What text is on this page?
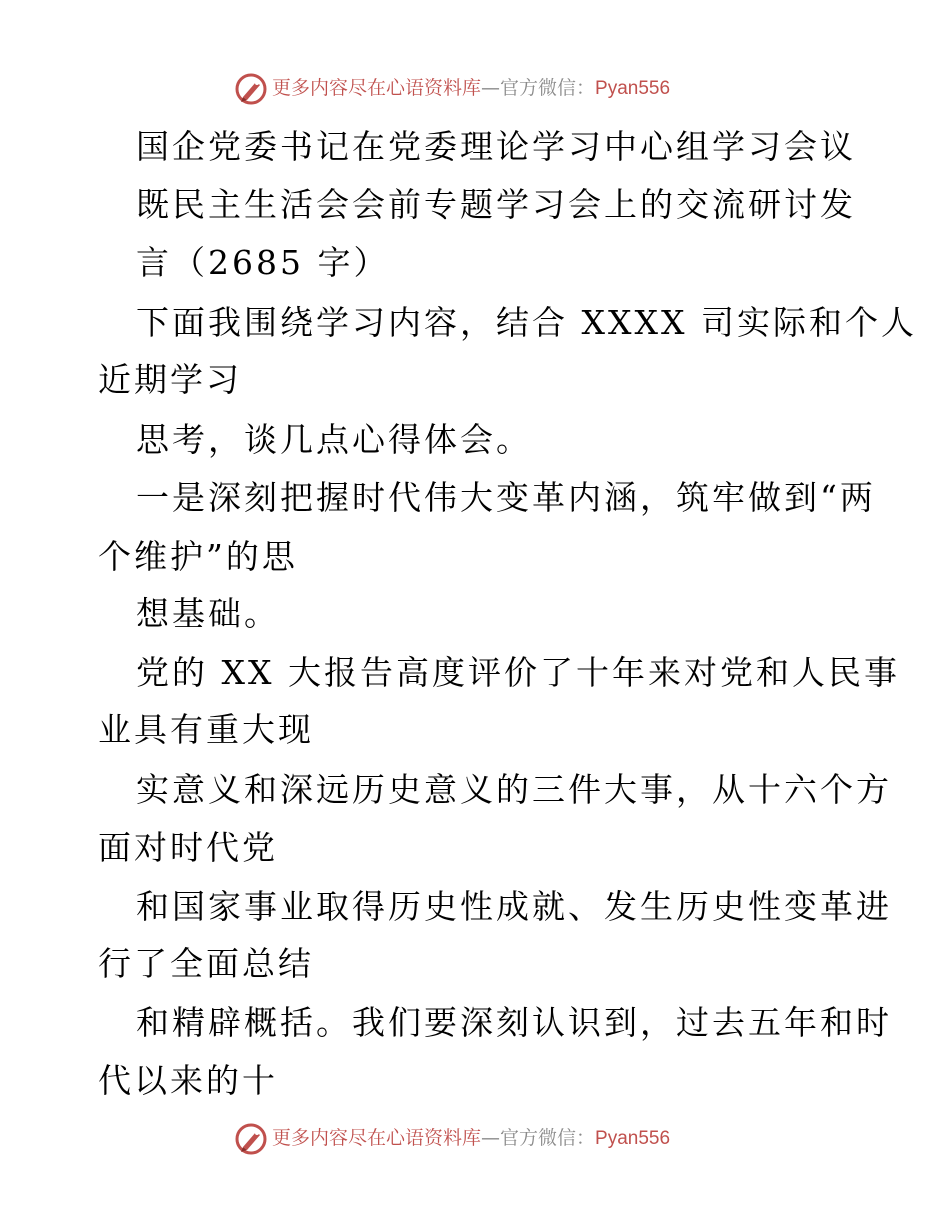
更多内容尽在心语资料库—官方微信：Pyan556
国企党委书记在党委理论学习中心组学习会议
既民主生活会会前专题学习会上的交流研讨发
言（2685 字）
下面我围绕学习内容，结合 XXXX 司实际和个人
近期学习
思考，谈几点心得体会。
一是深刻把握时代伟大变革内涵，筑牢做到“两
个维护”的思
想基础。
党的 XX 大报告高度评价了十年来对党和人民事
业具有重大现
实意义和深远历史意义的三件大事，从十六个方
面对时代党
和国家事业取得历史性成就、发生历史性变革进
行了全面总结
和精辟概括。我们要深刻认识到，过去五年和时
代以来的十
更多内容尽在心语资料库—官方微信：Pyan556
